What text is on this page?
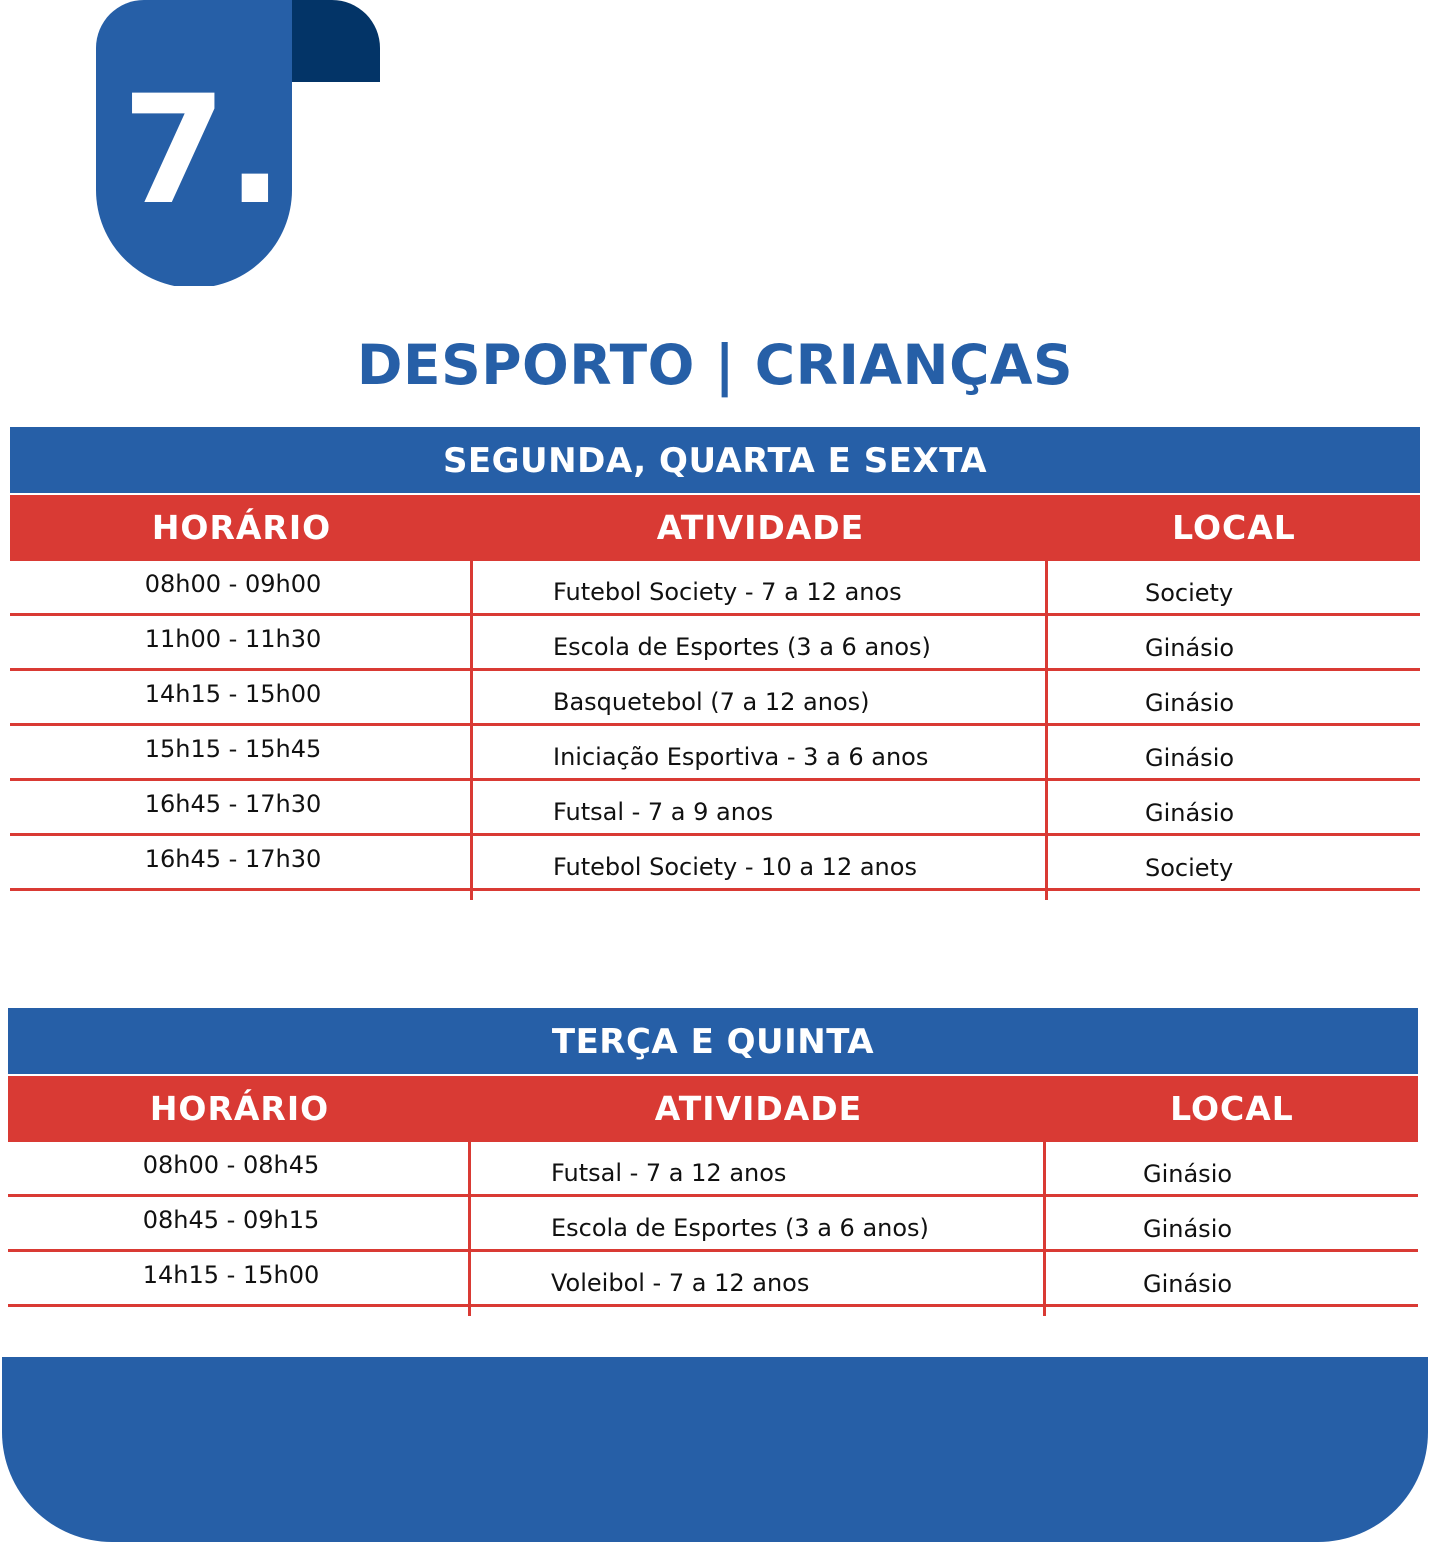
7.
DESPORTO | CRIANÇAS
SEGUNDA, QUARTA E SEXTA
HORÁRIO	ATIVIDADE	LOCAL
08h00 - 09h00	Futebol Society - 7 a 12 anos	Society
11h00 - 11h30	Escola de Esportes (3 a 6 anos)	Ginásio
14h15 - 15h00	Basquetebol (7 a 12 anos)	Ginásio
15h15 - 15h45	Iniciação Esportiva - 3 a 6 anos	Ginásio
16h45 - 17h30	Futsal - 7 a 9 anos	Ginásio
16h45 - 17h30	Futebol Society - 10 a 12 anos	Society
TERÇA E QUINTA
HORÁRIO	ATIVIDADE	LOCAL
08h00 - 08h45	Futsal - 7 a 12 anos	Ginásio
08h45 - 09h15	Escola de Esportes (3 a 6 anos)	Ginásio
14h15 - 15h00	Voleibol - 7 a 12 anos	Ginásio
